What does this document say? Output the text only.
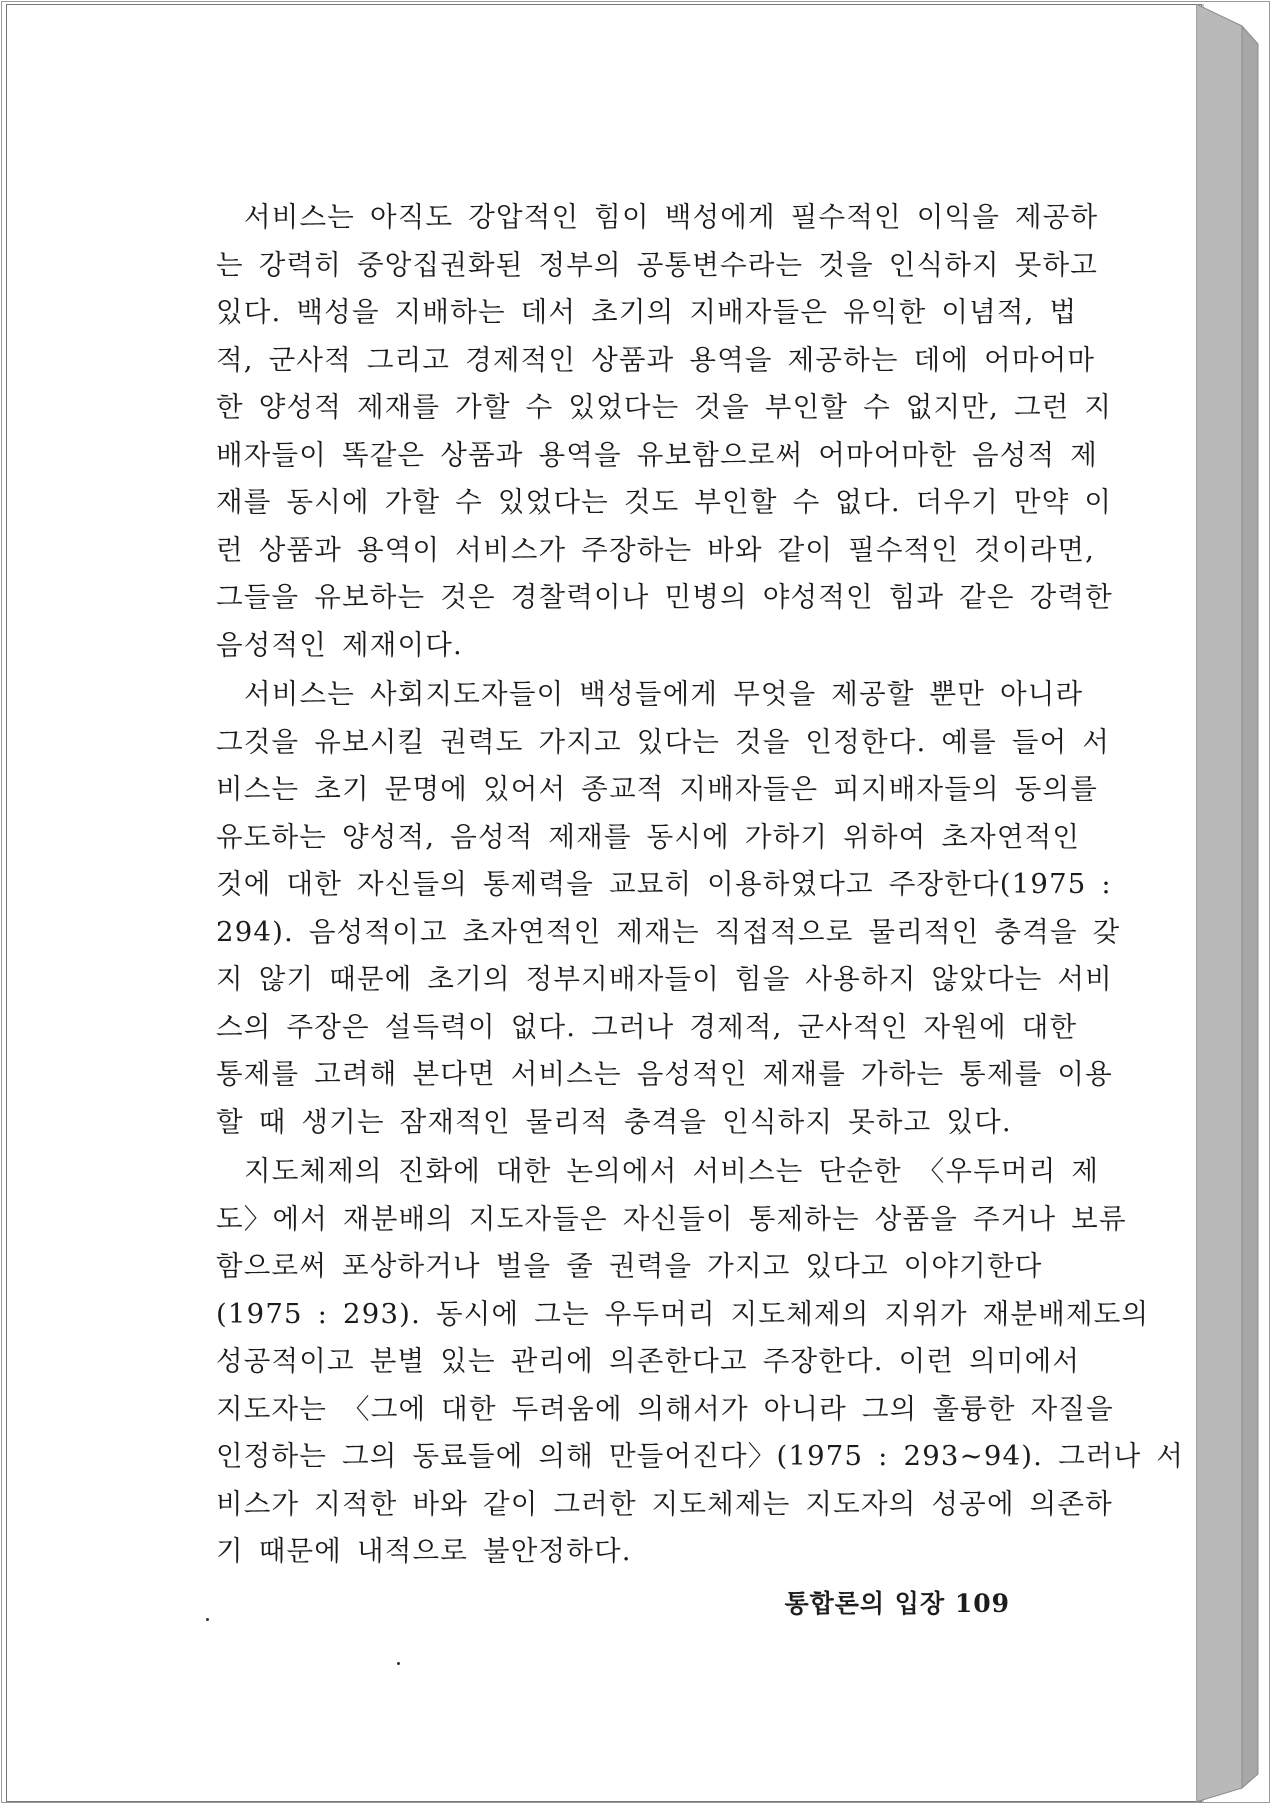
서비스는 아직도 강압적인 힘이 백성에게 필수적인 이익을 제공하
는 강력히 중앙집권화된 정부의 공통변수라는 것을 인식하지 못하고
있다. 백성을 지배하는 데서 초기의 지배자들은 유익한 이념적, 법
적, 군사적 그리고 경제적인 상품과 용역을 제공하는 데에 어마어마
한 양성적 제재를 가할 수 있었다는 것을 부인할 수 없지만, 그런 지
배자들이 똑같은 상품과 용역을 유보함으로써 어마어마한 음성적 제
재를 동시에 가할 수 있었다는 것도 부인할 수 없다. 더우기 만약 이
런 상품과 용역이 서비스가 주장하는 바와 같이 필수적인 것이라면,
그들을 유보하는 것은 경찰력이나 민병의 야성적인 힘과 같은 강력한
음성적인 제재이다.
서비스는 사회지도자들이 백성들에게 무엇을 제공할 뿐만 아니라
그것을 유보시킬 권력도 가지고 있다는 것을 인정한다. 예를 들어 서
비스는 초기 문명에 있어서 종교적 지배자들은 피지배자들의 동의를
유도하는 양성적, 음성적 제재를 동시에 가하기 위하여 초자연적인
것에 대한 자신들의 통제력을 교묘히 이용하였다고 주장한다(1975 :
294). 음성적이고 초자연적인 제재는 직접적으로 물리적인 충격을 갖
지 않기 때문에 초기의 정부지배자들이 힘을 사용하지 않았다는 서비
스의 주장은 설득력이 없다. 그러나 경제적, 군사적인 자원에 대한
통제를 고려해 본다면 서비스는 음성적인 제재를 가하는 통제를 이용
할 때 생기는 잠재적인 물리적 충격을 인식하지 못하고 있다.
지도체제의 진화에 대한 논의에서 서비스는 단순한 〈우두머리 제
도〉에서 재분배의 지도자들은 자신들이 통제하는 상품을 주거나 보류
함으로써 포상하거나 벌을 줄 권력을 가지고 있다고 이야기한다
(1975 : 293). 동시에 그는 우두머리 지도체제의 지위가 재분배제도의
성공적이고 분별 있는 관리에 의존한다고 주장한다. 이런 의미에서
지도자는 〈그에 대한 두려움에 의해서가 아니라 그의 훌륭한 자질을
인정하는 그의 동료들에 의해 만들어진다〉(1975 : 293~94). 그러나 서
비스가 지적한 바와 같이 그러한 지도체제는 지도자의 성공에 의존하
기 때문에 내적으로 불안정하다.
통합론의 입장 109
